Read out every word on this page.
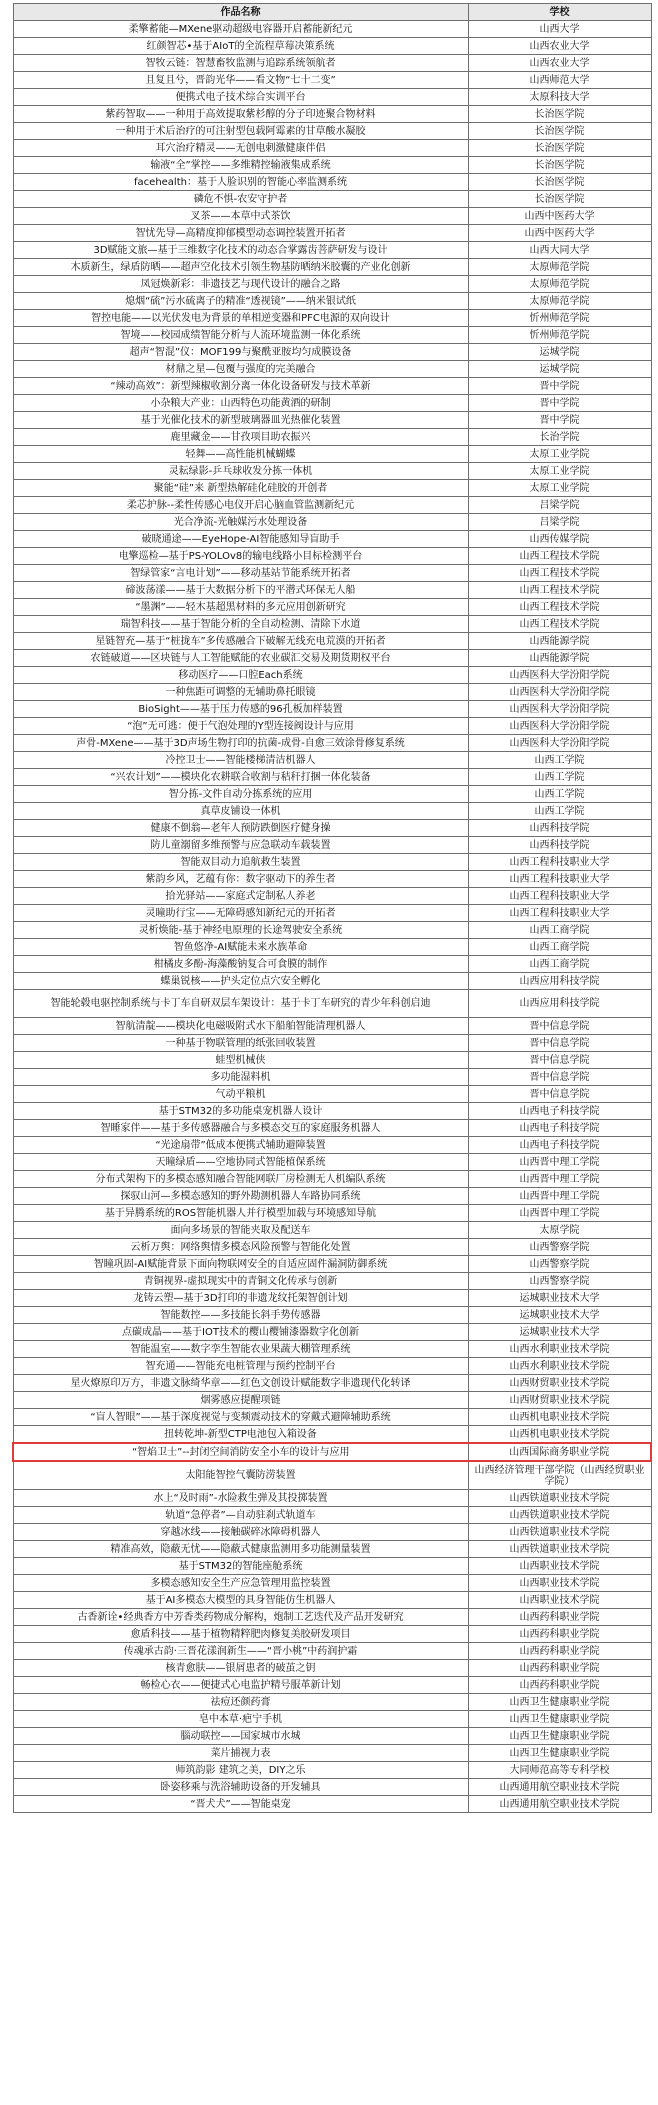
作品名称	学校
柔擎蓄能—MXene驱动超级电容器开启蓄能新纪元	山西大学
红颜智芯•基于AIoT的全流程草莓决策系统	山西农业大学
智牧云链：智慧畜牧监测与追踪系统领航者	山西农业大学
且复且兮，晋韵光华——看文物“七十二变”	山西师范大学
便携式电子技术综合实训平台	太原科技大学
紫药智取——一种用于高效提取紫杉醇的分子印迹聚合物材料	长治医学院
一种用于术后治疗的可注射型包载阿霉素的甘草酸水凝胶	长治医学院
耳穴治疗精灵——无创电刺激健康伴侣	长治医学院
输液“全”掌控——多维精控输液集成系统	长治医学院
facehealth：基于人脸识别的智能心率监测系统	长治医学院
磷危不惧-农安守护者	长治医学院
叉茶——本草中式茶饮	山西中医药大学
智忧先导—高精度抑郁模型动态调控装置开拓者	山西中医药大学
3D赋能文旅—基于三维数字化技术的动态合掌露齿菩萨研发与设计	山西大同大学
木质新生，绿盾防晒——超声空化技术引领生物基防晒纳米胶囊的产业化创新	太原师范学院
凤冠焕新彩：非遗技艺与现代设计的融合之路	太原师范学院
熄烟“硫”污水硫离子的精准“透视镜”——纳米银试纸	太原师范学院
智控电能——以光伏发电为背景的单相逆变器和PFC电源的双向设计	忻州师范学院
智境——校园成绩智能分析与人流环境监测一体化系统	忻州师范学院
超声“智混”仪：MOF199与聚酰亚胺均匀成膜设备	运城学院
材鼎之星—包覆与强度的完美融合	运城学院
“辣动高效”：新型辣椒收割分离一体化设备研发与技术革新	晋中学院
小杂粮大产业：山西特色功能黄酒的研制	晋中学院
基于光催化技术的新型玻璃器皿光热催化装置	晋中学院
鹿里藏金——甘孜项目助农振兴	长治学院
轻舞——高性能机械蝴蝶	太原工业学院
灵耘绿影-乒乓球收发分拣一体机	太原工业学院
聚能“硅”来 新型热解硅化硅胶的开创者	太原工业学院
柔芯护脉--柔性传感心电仪开启心脑血管监测新纪元	吕梁学院
光合净流-光触媒污水处理设备	吕梁学院
破晓通途——EyeHope-AI智能感知导盲助手	山西传媒学院
电擎巡检—基于PS-YOLOv8的输电线路小目标检测平台	山西工程技术学院
智绿管家“言电计划”——移动基站节能系统开拓者	山西工程技术学院
碲波荡漾——基于大数据分析下的平潜式环保无人船	山西工程技术学院
“墨渊”——轻木基超黑材料的多元应用创新研究	山西工程技术学院
瑞智科技——基于智能分析的全自动检测、清除下水道	山西工程技术学院
星链智充—基于“桩拢车”多传感融合下破解无线充电荒漠的开拓者	山西能源学院
农链破道——区块链与人工智能赋能的农业碳汇交易及期货期权平台	山西能源学院
移动医疗——口腔Each系统	山西医科大学汾阳学院
一种焦距可调整的无辅助鼻托眼镜	山西医科大学汾阳学院
BioSight——基于压力传感的96孔板加样装置	山西医科大学汾阳学院
“泡”无可逃：便于气泡处理的Y型连接阀设计与应用	山西医科大学汾阳学院
声骨-MXene——基于3D声场生物打印的抗菌-成骨-自愈三效涂骨修复系统	山西医科大学汾阳学院
冷控卫士——智能楼梯清洁机器人	山西工学院
“兴农计划”——模块化农耕联合收割与秸秆打捆一体化装备	山西工学院
智分拣-文件自动分拣系统的应用	山西工学院
真草皮铺设一体机	山西工学院
健康不倒翁—老年人预防跌倒医疗健身操	山西科技学院
防儿童溺留多维预警与应急联动车载装置	山西科技学院
智能双目动力追航救生装置	山西工程科技职业大学
紫韵乡风，艺蕴有你：数字驱动下的养生者	山西工程科技职业大学
拾光驿站——家庭式定制私人养老	山西工程科技职业大学
灵瞳助行宝——无障碍感知新纪元的开拓者	山西工程科技职业大学
灵析焕能-基于神经电原理的长途驾驶安全系统	山西工商学院
智鱼悠净-AI赋能未来水族革命	山西工商学院
柑橘皮多酚-海藻酸钠复合可食膜的制作	山西工商学院
蝶巢锐核——护头定位点穴安全孵化	山西应用科技学院
智能轮毂电驱控制系统与卡丁车自研双层车架设计：基于卡丁车研究的青少年科创启迪	山西应用科技学院
智航清靛——模块化电磁吸附式水下船舶智能清理机器人	晋中信息学院
一种基于物联管理的纸张回收装置	晋中信息学院
蛙型机械侠	晋中信息学院
多功能湿料机	晋中信息学院
气动平粮机	晋中信息学院
基于STM32的多功能桌宠机器人设计	山西电子科技学院
智睡家伴——基于多传感器融合与多模态交互的家庭服务机器人	山西电子科技学院
“光途扇带”低成本便携式辅助避障装置	山西电子科技学院
天瞳绿盾——空地协同式智能植保系统	山西晋中理工学院
分布式架构下的多模态感知融合智能网联厂房检测无人机编队系统	山西晋中理工学院
探驭山河—多模态感知的野外勘测机器人车路协同系统	山西晋中理工学院
基于异腾系统的ROS智能机器人并行模型加载与环境感知导航	山西晋中理工学院
面向多场景的智能夹取及配送车	太原学院
云析万舆：网络舆情多模态风险预警与智能化处置	山西警察学院
智瞳巩固-AI赋能背景下面向物联网安全的自适应固件漏洞防御系统	山西警察学院
青铜视界-虚拟现实中的青铜文化传承与创新	山西警察学院
龙铸云塑—基于3D打印的非遗龙纹托架智创计划	运城职业技术大学
智能数控——多技能长斜手势传感器	运城职业技术大学
点碳成晶——基于IOT技术的樱山樱铺漆器数字化创新	运城职业技术大学
智能温室——数字孪生智能农业果蔬大棚管理系统	山西水利职业技术学院
智充通——智能充电桩管理与预约控制平台	山西水利职业技术学院
星火燎原印万方，非遗文脉绮华章——红色文创设计赋能数字非遗现代化转译	山西财贸职业技术学院
烟雾感应提醒项链	山西财贸职业技术学院
“盲人智眼”——基于深度视觉与变频震动技术的穿戴式避障辅助系统	山西机电职业技术学院
扭转乾坤-新型CTP电池包入箱设备	山西机电职业技术学院
“智焰卫士”--封闭空间消防安全小车的设计与应用	山西国际商务职业学院
太阳能智控气囊防涝装置	山西经济管理干部学院（山西经贸职业学院）
水上“及时雨”-水险救生弹及其投掷装置	山西铁道职业技术学院
轨道“急停者”—自动驻刹式轨道车	山西铁道职业技术学院
穿越冰线——接触碳碎冰障碍机器人	山西铁道职业技术学院
精准高效，隐蔽无忧——隐蔽式健康监测用多功能测量装置	山西铁道职业技术学院
基于STM32的智能座舱系统	山西职业技术学院
多模态感知安全生产应急管理用监控装置	山西职业技术学院
基于AI多模态大模型的具身智能仿生机器人	山西职业技术学院
古香新诠•经典香方中芳香类药物成分解构，炮制工艺迭代及产品开发研究	山西药科职业学院
愈盾科技——基于植物精粹肥肉修复美胶研发项目	山西药科职业学院
传魂承古韵·三晋花漾润新生——“晋小桃”中药润护霜	山西药科职业学院
核青愈肤——银屑患者的破茧之钥	山西药科职业学院
畅检心衣——便捷式心电监护精号服革新计划	山西药科职业学院
祛痘还颜药膏	山西卫生健康职业学院
皂中本草·疤宁手机	山西卫生健康职业学院
腦动联控——国家城市水城	山西卫生健康职业学院
菜片捕视力表	山西卫生健康职业学院
师筑韵影 建筑之美，DIY之乐	大同师范高等专科学校
卧姿移乘与洗浴辅助设备的开发辅具	山西通用航空职业技术学院
“晋犬犬”——智能桌宠	山西通用航空职业技术学院
